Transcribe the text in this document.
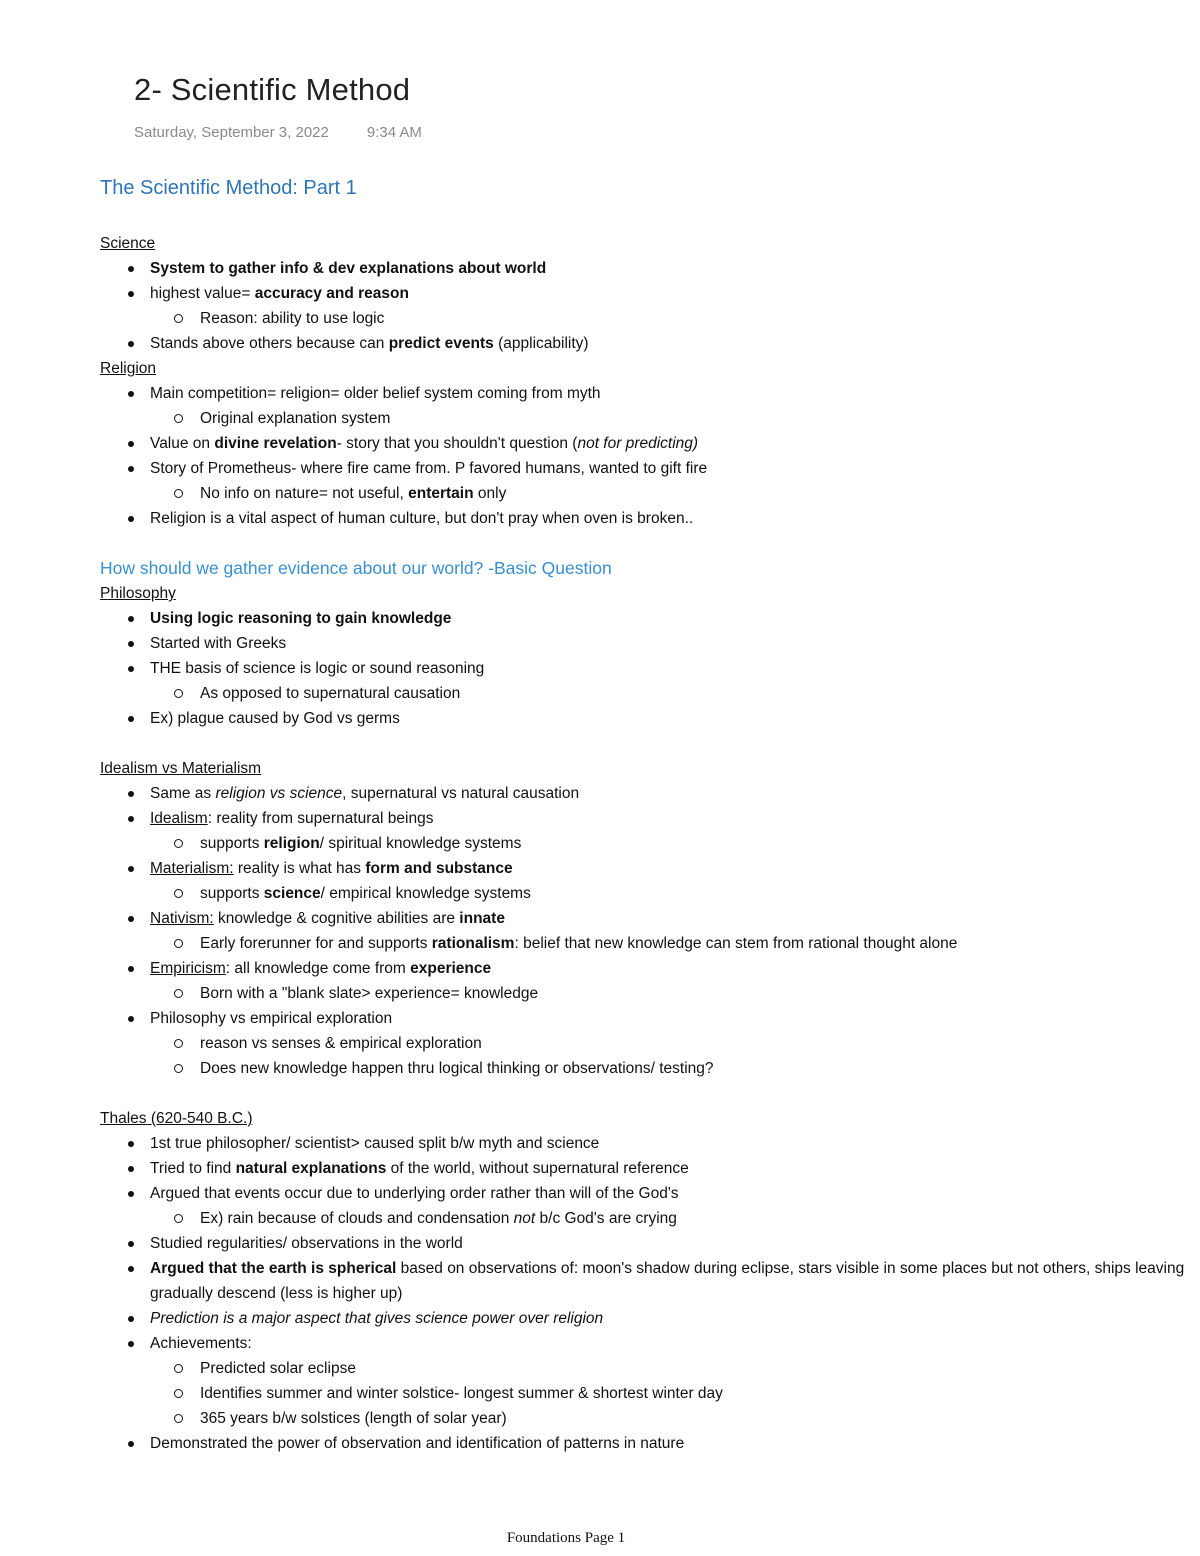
2- Scientific Method
Saturday, September 3, 2022	9:34 AM
The Scientific Method: Part 1
Science
System to gather info & dev explanations about world
highest value= accuracy and reason
Reason: ability to use logic
Stands above others because can predict events (applicability)
Religion
Main competition= religion= older belief system coming from myth
Original explanation system
Value on divine revelation- story that you shouldn't question (not for predicting)
Story of Prometheus- where fire came from. P favored humans, wanted to gift fire
No info on nature= not useful, entertain only
Religion is a vital aspect of human culture, but don't pray when oven is broken..
How should we gather evidence about our world? -Basic Question
Philosophy
Using logic reasoning to gain knowledge
Started with Greeks
THE basis of science is logic or sound reasoning
As opposed to supernatural causation
Ex) plague caused by God vs germs
Idealism vs Materialism
Same as religion vs science, supernatural vs natural causation
Idealism: reality from supernatural beings
supports religion/ spiritual knowledge systems
Materialism: reality is what has form and substance
supports science/ empirical knowledge systems
Nativism: knowledge & cognitive abilities are innate
Early forerunner for and supports rationalism: belief that new knowledge can stem from rational thought alone
Empiricism: all knowledge come from experience
Born with a "blank slate> experience= knowledge
Philosophy vs empirical exploration
reason vs senses & empirical exploration
Does new knowledge happen thru logical thinking or observations/ testing?
Thales (620-540 B.C.)
1st true philosopher/ scientist> caused split b/w myth and science
Tried to find natural explanations of the world, without supernatural reference
Argued that events occur due to underlying order rather than will of the God's
Ex) rain because of clouds and condensation not b/c God's are crying
Studied regularities/ observations in the world
Argued that the earth is spherical based on observations of: moon's shadow during eclipse, stars visible in some places but not others, ships leaving gradually descend (less is higher up)
Prediction is a major aspect that gives science power over religion
Achievements:
Predicted solar eclipse
Identifies summer and winter solstice- longest summer & shortest winter day
365 years b/w solstices (length of solar year)
Demonstrated the power of observation and identification of patterns in nature
Foundations Page 1
